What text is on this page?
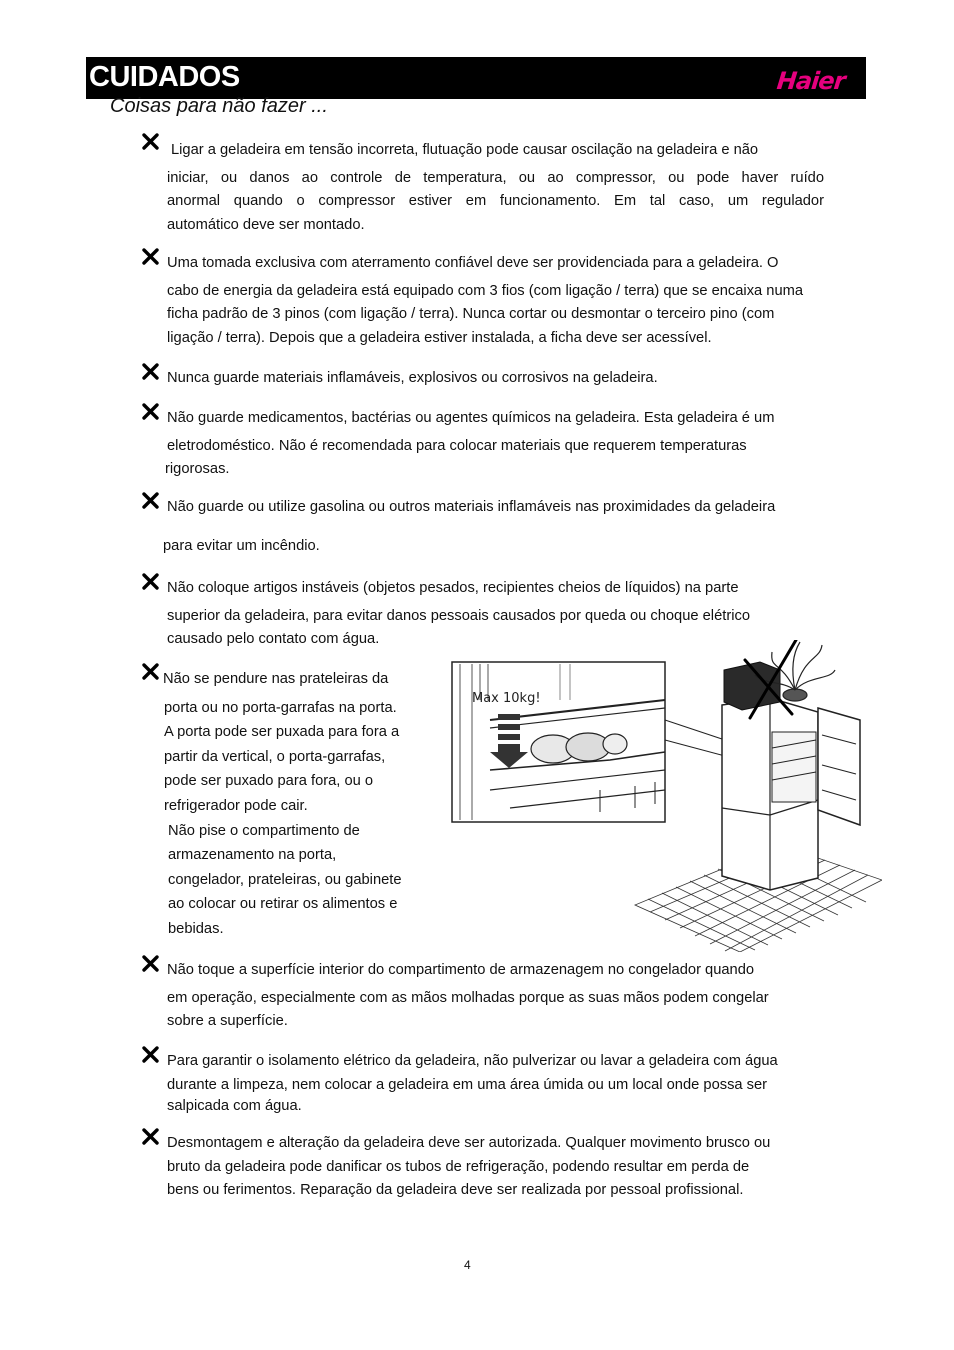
CUIDADOS	Haier
Coisas para não fazer ...
Ligar a geladeira em tensão incorreta, flutuação pode causar oscilação na geladeira e não
iniciar, ou danos ao controle de temperatura, ou ao compressor, ou pode haver ruído
anormal quando o compressor estiver em funcionamento. Em tal caso, um regulador
automático deve ser montado.
Uma tomada exclusiva com aterramento confiável deve ser providenciada para a geladeira. O
cabo de energia da geladeira está equipado com 3 fios (com ligação / terra) que se encaixa numa
ficha padrão de 3 pinos (com ligação / terra). Nunca cortar ou desmontar o terceiro pino (com
ligação / terra). Depois que a geladeira estiver instalada, a ficha deve ser acessível.
Nunca guarde materiais inflamáveis, explosivos ou corrosivos na geladeira.
Não guarde medicamentos, bactérias ou agentes químicos na geladeira. Esta geladeira é um
eletrodoméstico. Não é recomendada para colocar materiais que requerem temperaturas
rigorosas.
Não guarde ou utilize gasolina ou outros materiais inflamáveis nas proximidades da geladeira
para evitar um incêndio.
Não coloque artigos instáveis (objetos pesados, recipientes cheios de líquidos) na parte
superior da geladeira, para evitar danos pessoais causados por queda ou choque elétrico
causado pelo contato com água.
Não se pendure nas prateleiras da
porta ou no porta-garrafas na porta.
A porta pode ser puxada para fora a
partir da vertical, o porta-garrafas,
pode ser puxado para fora, ou o
refrigerador pode cair.
Não pise o compartimento de
armazenamento na porta,
congelador, prateleiras, ou gabinete
ao colocar ou retirar os alimentos e
bebidas.
Max 10kg!
Não toque a superfície interior do compartimento de armazenagem no congelador quando
em operação, especialmente com as mãos molhadas porque as suas mãos podem congelar
sobre a superfície.
Para garantir o isolamento elétrico da geladeira, não pulverizar ou lavar a geladeira com água
durante a limpeza, nem colocar a geladeira em uma área úmida ou um local onde possa ser
salpicada com água.
Desmontagem e alteração da geladeira deve ser autorizada. Qualquer movimento brusco ou
bruto da geladeira pode danificar os tubos de refrigeração, podendo resultar em perda de
bens ou ferimentos. Reparação da geladeira deve ser realizada por pessoal profissional.
4
